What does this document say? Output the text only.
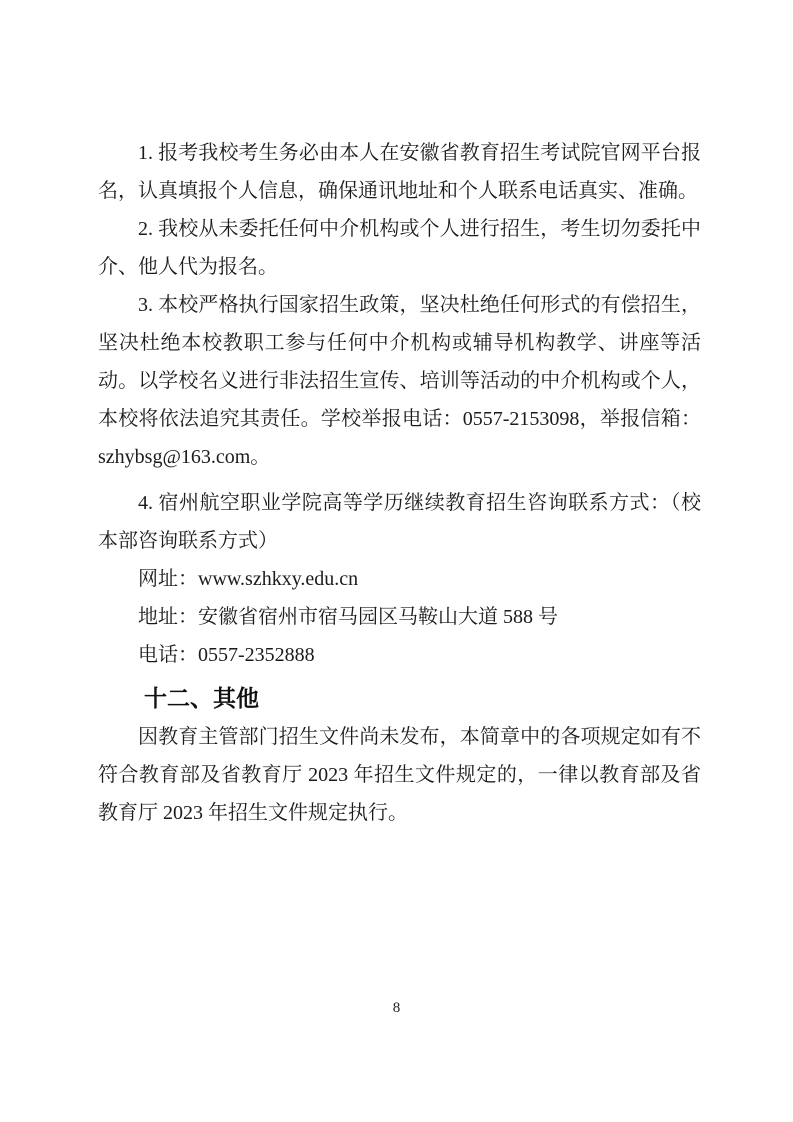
1. 报考我校考生务必由本人在安徽省教育招生考试院官网平台报名，认真填报个人信息，确保通讯地址和个人联系电话真实、准确。

2. 我校从未委托任何中介机构或个人进行招生，考生切勿委托中介、他人代为报名。

3. 本校严格执行国家招生政策，坚决杜绝任何形式的有偿招生，坚决杜绝本校教职工参与任何中介机构或辅导机构教学、讲座等活动。以学校名义进行非法招生宣传、培训等活动的中介机构或个人，本校将依法追究其责任。学校举报电话：0557-2153098，举报信箱：szhybsg@163.com。

4. 宿州航空职业学院高等学历继续教育招生咨询联系方式：（校本部咨询联系方式）

网址：www.szhkxy.edu.cn

地址：安徽省宿州市宿马园区马鞍山大道 588 号

电话：0557-2352888

十二、其他

因教育主管部门招生文件尚未发布，本简章中的各项规定如有不符合教育部及省教育厅 2023 年招生文件规定的，一律以教育部及省教育厅 2023 年招生文件规定执行。

8
